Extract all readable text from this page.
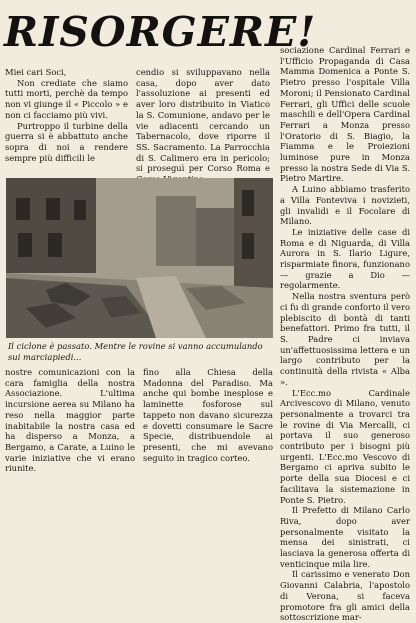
RISORGERE!

Miei cari Soci,

Non crediate che siamo tutti morti, perchè da tempo non vi giunge il « Piccolo » e non ci facciamo più vivi.

Purtroppo il turbine della guerra si è abbattuto anche sopra di noi a rendere sempre più difficili le

cendio si sviluppavano nella casa, dopo aver dato l'assoluzione ai presenti ed aver loro distribuito in Viatico la S. Comunione, andavo per le vie adiacenti cercando un Tabernacolo, dove riporre il SS. Sacramento. La Parrocchia di S. Calimero era in pericolo; si proseguì per Corso Roma e

sociazione Cardinal Ferrari e l'Ufficio Propaganda di Casa Mamma Domenica a Ponte S. Pietro presso l'ospitale Villa Moroni; il Pensionato Cardinal Ferrari, gli Uffici delle scuole maschili e dell'Opera Cardinal Ferrari a Monza presso l'Oratorio di S. Biagio, la Fiamma e le Proiezioni luminose pure in Monza presso la nostra Sede di Via S. Pietro Martire.

A Luino abbiamo trasferito a Villa Fonteviva i novizieti, gli invalidi e il Focolare di Milano.

Le iniziative delle case di Roma e di Niguarda, di Villa Aurora in S. Ilario Ligure, risparmiate finora, funzionano — grazie a Dio — regolarmente.

Nella nostra sventura però ci fu di grande conforto il vero plebiscito di bontà di tanti benefattori. Primo fra tutti, il S. Padre ci inviava un'affettuosissima lettera e un largo contributo per la continuità della rivista « Alba ».

L'Ecc.mo Cardinale Arcivescovo di Milano, venuto personalmente a trovarci tra le rovine di Via Mercalli, ci portava il suo generoso contributo per i bisogni più urgenti. L'Ecc.mo Vescovo di Bergamo ci apriva subito le porte della sua Diocesi e ci facilitava la sistemazione in Ponte S. Pietro.

Il Prefetto di Milano Carlo Riva, dopo aver personalmente visitato la mensa dei sinistrati, ci lasciava la generosa offerta di venticinque mila lire.

Il carissimo e venerato Don Giovanni Calabria, l'apostolo di Verona, si faceva promotore fra gli amici della sottoscrizione mar-

Il ciclone è passato. Mentre le rovine si vanno accumulando sui marciapiedi...

nostre comunicazioni con la cara famiglia della nostra Associazione. L'ultima incursione aerea su Milano ha reso nella maggior parte inabitabile la nostra casa ed ha disperso a Monza, a Bergamo, a Carate, a Luino le varie iniziative che vi erano riunite.

fino alla Chiesa della Madonna del Paradiso. Ma anche qui bombe inesplose e laminette fosforose sul tappeto non davano sicurezza e dovetti consumare le Sacre Specie, distribuendole ai presenti, che mi avevano seguito in tragico corteo.
